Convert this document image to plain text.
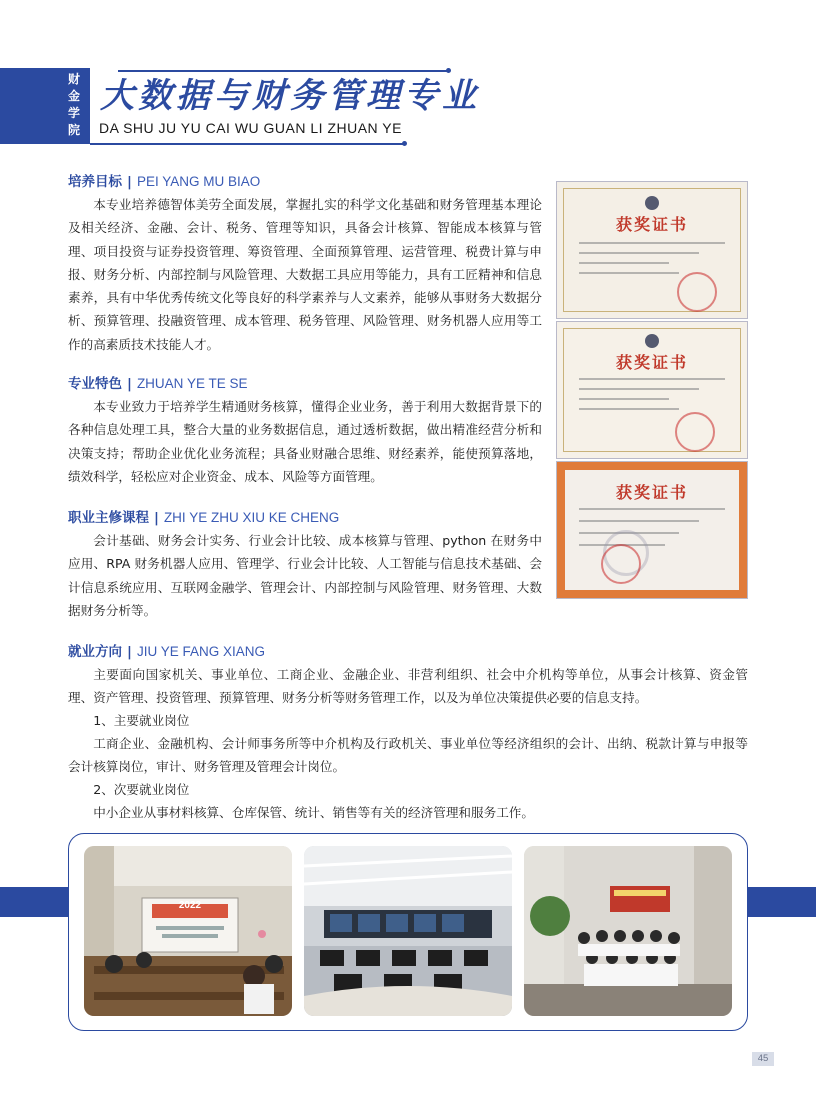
财金学院
大数据与财务管理专业
DA SHU JU YU CAI WU GUAN LI ZHUAN YE
培养目标 | PEI YANG MU BIAO

本专业培养德智体美劳全面发展，掌握扎实的科学文化基础和财务管理基本理论及相关经济、金融、会计、税务、管理等知识，具备会计核算、智能成本核算与管理、项目投资与证券投资管理、筹资管理、全面预算管理、运营管理、税费计算与申报、财务分析、内部控制与风险管理、大数据工具应用等能力，具有工匠精神和信息素养，具有中华优秀传统文化等良好的科学素养与人文素养，能够从事财务大数据分析、预算管理、投融资管理、成本管理、税务管理、风险管理、财务机器人应用等工作的高素质技术技能人才。

专业特色 | ZHUAN YE TE SE

本专业致力于培养学生精通财务核算，懂得企业业务，善于利用大数据背景下的各种信息处理工具，整合大量的业务数据信息，通过透析数据，做出精准经营分析和决策支持；帮助企业优化业务流程；具备业财融合思维、财经素养，能使预算落地，绩效科学，轻松应对企业资金、成本、风险等方面管理。

职业主修课程 | ZHI YE ZHU XIU KE CHENG

会计基础、财务会计实务、行业会计比较、成本核算与管理、python 在财务中应用、RPA 财务机器人应用、管理学、行业会计比较、人工智能与信息技术基础、会计信息系统应用、互联网金融学、管理会计、内部控制与风险管理、财务管理、大数据财务分析等。

就业方向 | JIU YE FANG XIANG

主要面向国家机关、事业单位、工商企业、金融企业、非营利组织、社会中介机构等单位，从事会计核算、资金管理、资产管理、投资管理、预算管理、财务分析等财务管理工作，以及为单位决策提供必要的信息支持。

1、主要就业岗位

工商企业、金融机构、会计师事务所等中介机构及行政机关、事业单位等经济组织的会计、出纳、税款计算与申报等会计核算岗位，审计、财务管理及管理会计岗位。

2、次要就业岗位

中小企业从事材料核算、仓库保管、统计、销售等有关的经济管理和服务工作。

获奖证书
获奖证书
获奖证书
2022
45
